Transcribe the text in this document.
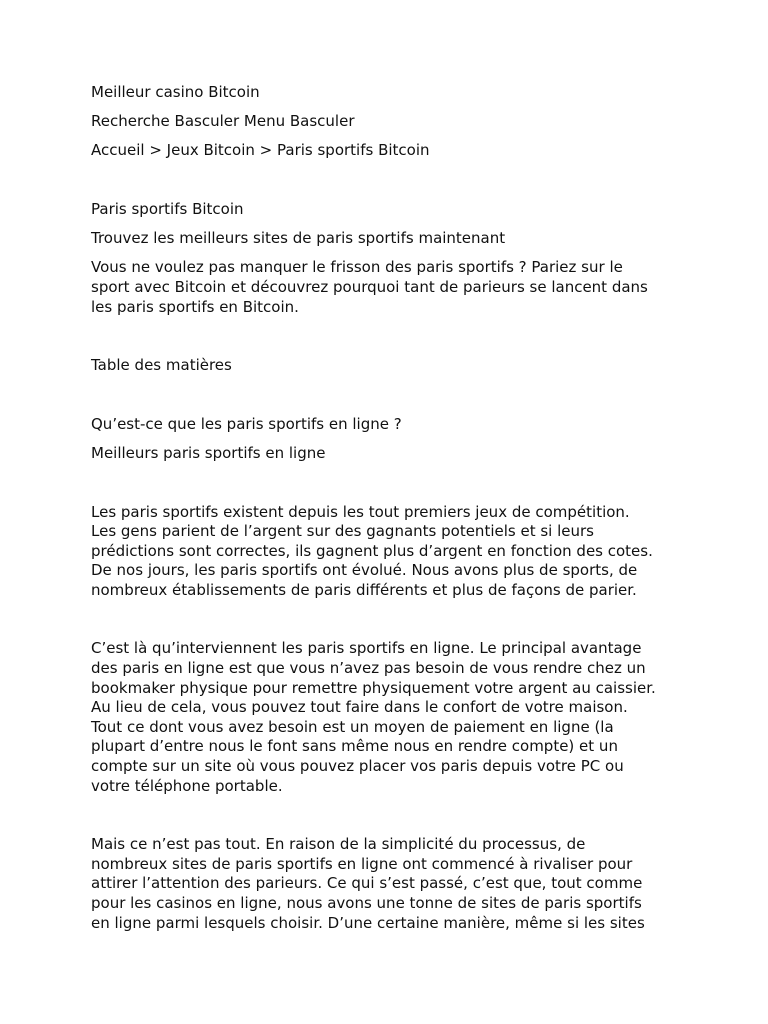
Meilleur casino Bitcoin

Recherche Basculer Menu Basculer

Accueil > Jeux Bitcoin > Paris sportifs Bitcoin

Paris sportifs Bitcoin

Trouvez les meilleurs sites de paris sportifs maintenant

Vous ne voulez pas manquer le frisson des paris sportifs ? Pariez sur le
sport avec Bitcoin et découvrez pourquoi tant de parieurs se lancent dans
les paris sportifs en Bitcoin.

Table des matières

Qu’est-ce que les paris sportifs en ligne ?

Meilleurs paris sportifs en ligne

Les paris sportifs existent depuis les tout premiers jeux de compétition.
Les gens parient de l’argent sur des gagnants potentiels et si leurs
prédictions sont correctes, ils gagnent plus d’argent en fonction des cotes.
De nos jours, les paris sportifs ont évolué. Nous avons plus de sports, de
nombreux établissements de paris différents et plus de façons de parier.

C’est là qu’interviennent les paris sportifs en ligne. Le principal avantage
des paris en ligne est que vous n’avez pas besoin de vous rendre chez un
bookmaker physique pour remettre physiquement votre argent au caissier.
Au lieu de cela, vous pouvez tout faire dans le confort de votre maison.
Tout ce dont vous avez besoin est un moyen de paiement en ligne (la
plupart d’entre nous le font sans même nous en rendre compte) et un
compte sur un site où vous pouvez placer vos paris depuis votre PC ou
votre téléphone portable.

Mais ce n’est pas tout. En raison de la simplicité du processus, de
nombreux sites de paris sportifs en ligne ont commencé à rivaliser pour
attirer l’attention des parieurs. Ce qui s’est passé, c’est que, tout comme
pour les casinos en ligne, nous avons une tonne de sites de paris sportifs
en ligne parmi lesquels choisir. D’une certaine manière, même si les sites
